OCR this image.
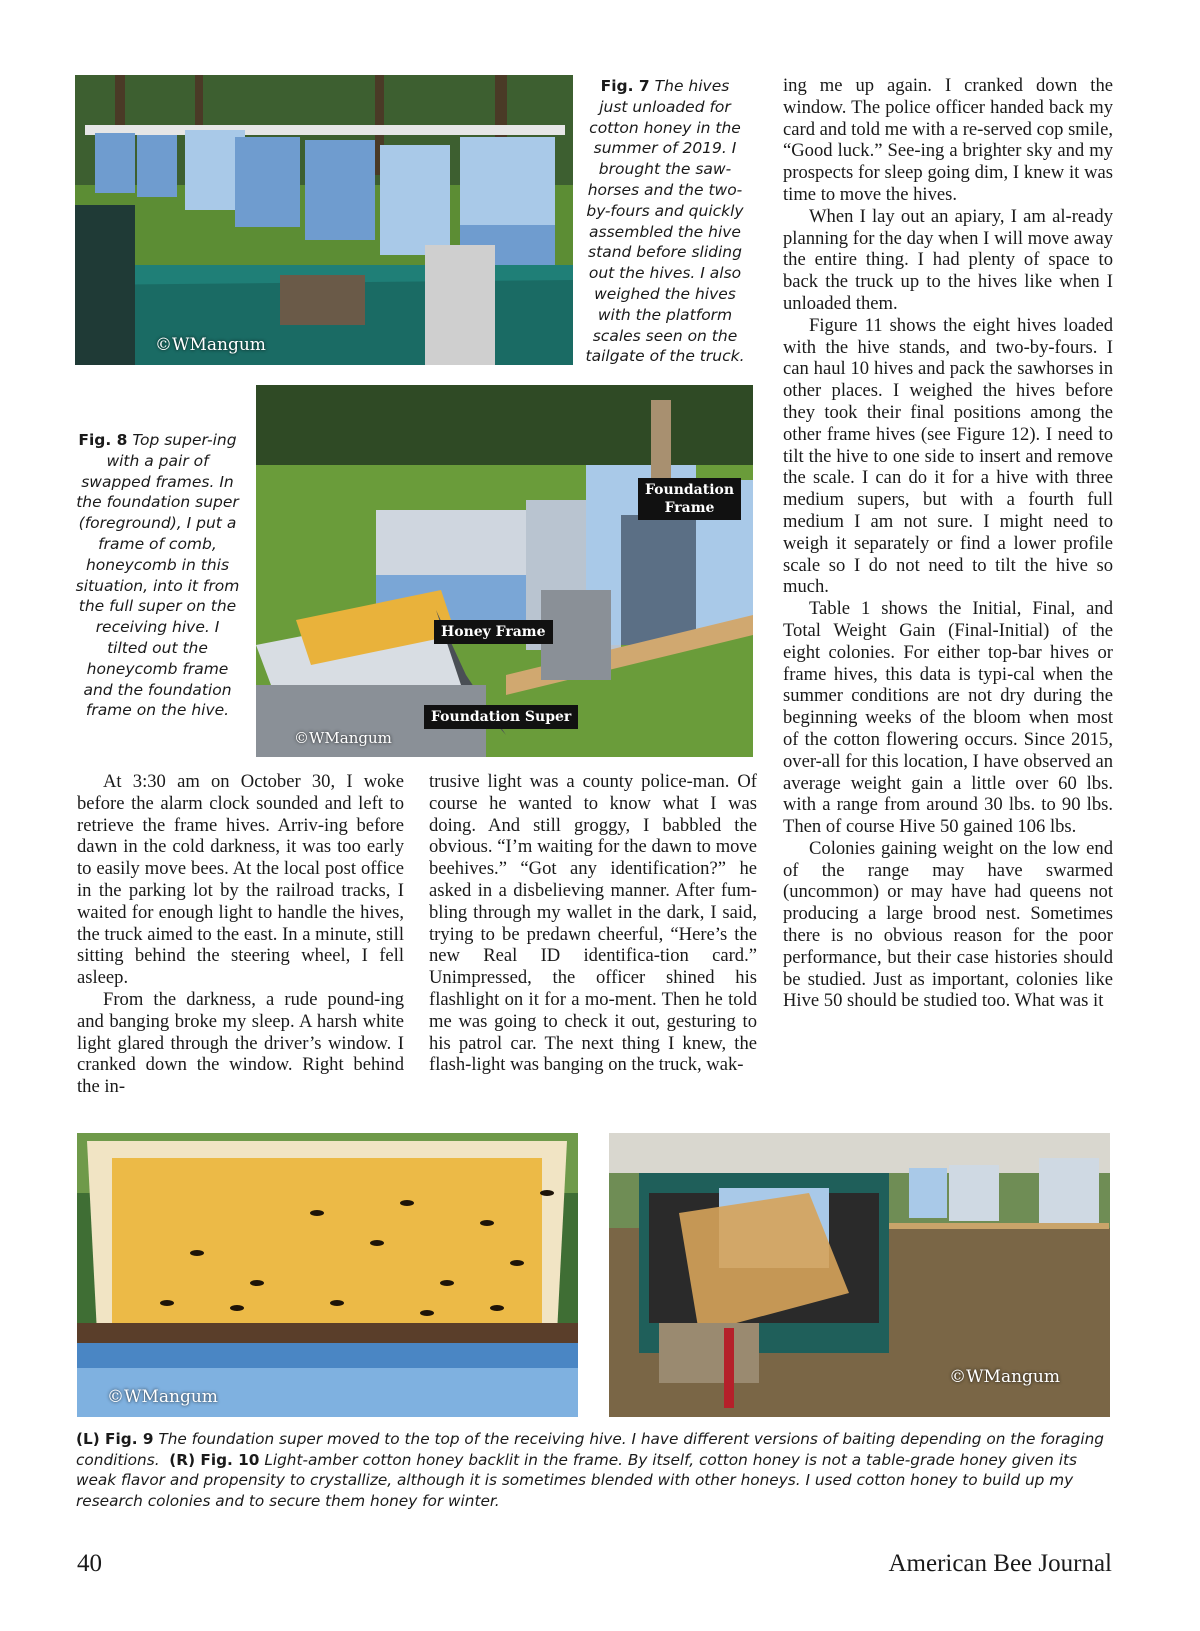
©WMangum
Fig. 7 The hives just unloaded for cotton honey in the summer of 2019. I brought the saw-horses and the two-by-fours and quickly assembled the hive stand before sliding out the hives. I also weighed the hives with the platform scales seen on the tailgate of the truck.
Fig. 8 Top super-ing with a pair of swapped frames. In the foundation super (foreground), I put a frame of comb, honeycomb in this situation, into it from the full super on the receiving hive. I tilted out the honeycomb frame and the foundation frame on the hive.
Foundation
Frame
Honey Frame
Foundation Super
©WMangum

At 3:30 am on October 30, I woke before the alarm clock sounded and left to retrieve the frame hives. Arriv-ing before dawn in the cold darkness, it was too early to easily move bees. At the local post office in the parking lot by the railroad tracks, I waited for enough light to handle the hives, the truck aimed to the east. In a minute, still sitting behind the steering wheel, I fell asleep.

From the darkness, a rude pound-ing and banging broke my sleep. A harsh white light glared through the driver’s window. I cranked down the window. Right behind the in-

trusive light was a county police-man. Of course he wanted to know what I was doing. And still groggy, I babbled the obvious. “I’m waiting for the dawn to move beehives.” “Got any identification?” he asked in a disbelieving manner. After fum-bling through my wallet in the dark, I said, trying to be predawn cheerful, “Here’s the new Real ID identifica-tion card.” Unimpressed, the officer shined his flashlight on it for a mo-ment. Then he told me was going to check it out, gesturing to his patrol car. The next thing I knew, the flash-light was banging on the truck, wak-

ing me up again. I cranked down the window. The police officer handed back my card and told me with a re-served cop smile, “Good luck.” See-ing a brighter sky and my prospects for sleep going dim, I knew it was time to move the hives.

When I lay out an apiary, I am al-ready planning for the day when I will move away the entire thing. I had plenty of space to back the truck up to the hives like when I unloaded them.

Figure 11 shows the eight hives loaded with the hive stands, and two-by-fours. I can haul 10 hives and pack the sawhorses in other places. I weighed the hives before they took their final positions among the other frame hives (see Figure 12). I need to tilt the hive to one side to insert and remove the scale. I can do it for a hive with three medium supers, but with a fourth full medium I am not sure. I might need to weigh it separately or find a lower profile scale so I do not need to tilt the hive so much.

Table 1 shows the Initial, Final, and Total Weight Gain (Final-Initial) of the eight colonies. For either top-bar hives or frame hives, this data is typi-cal when the summer conditions are not dry during the beginning weeks of the bloom when most of the cotton flowering occurs. Since 2015, over-all for this location, I have observed an average weight gain a little over 60 lbs. with a range from around 30 lbs. to 90 lbs. Then of course Hive 50 gained 106 lbs.

Colonies gaining weight on the low end of the range may have swarmed (uncommon) or may have had queens not producing a large brood nest. Sometimes there is no obvious reason for the poor performance, but their case histories should be studied. Just as important, colonies like Hive 50 should be studied too. What was it

©WMangum
©WMangum
(L) Fig. 9 The foundation super moved to the top of the receiving hive. I have different versions of baiting depending on the foraging conditions. (R) Fig. 10 Light-amber cotton honey backlit in the frame. By itself, cotton honey is not a table-grade honey given its weak flavor and propensity to crystallize, although it is sometimes blended with other honeys. I used cotton honey to build up my research colonies and to secure them honey for winter.
40	American Bee Journal
